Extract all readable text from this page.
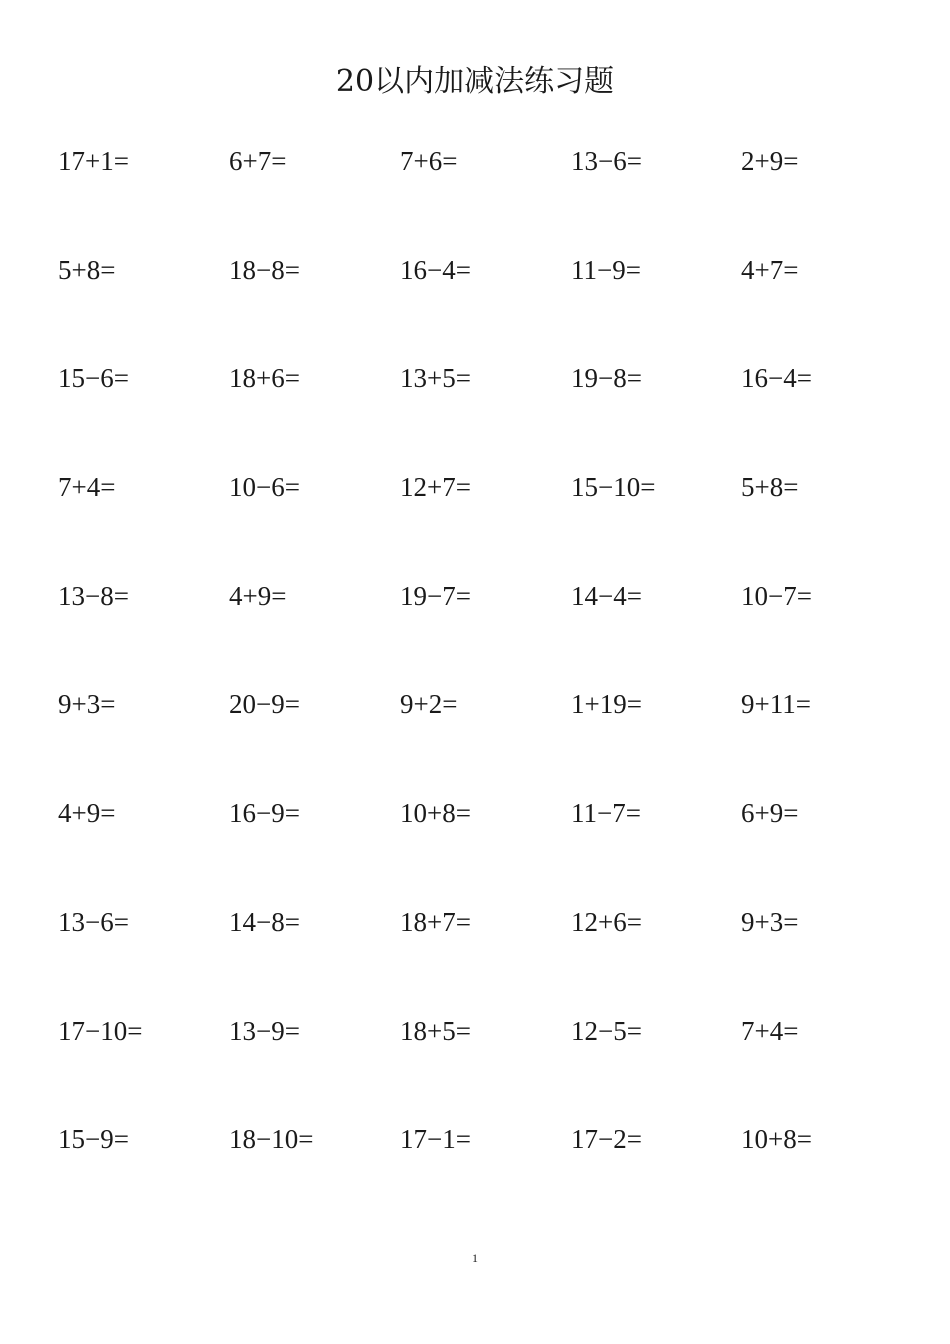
20以内加减法练习题
17+1=	6+7=	7+6=	13−6=	2+9=
5+8=	18−8=	16−4=	11−9=	4+7=
15−6=	18+6=	13+5=	19−8=	16−4=
7+4=	10−6=	12+7=	15−10=	5+8=
13−8=	4+9=	19−7=	14−4=	10−7=
9+3=	20−9=	9+2=	1+19=	9+11=
4+9=	16−9=	10+8=	11−7=	6+9=
13−6=	14−8=	18+7=	12+6=	9+3=
17−10=	13−9=	18+5=	12−5=	7+4=
15−9=	18−10=	17−1=	17−2=	10+8=
1
